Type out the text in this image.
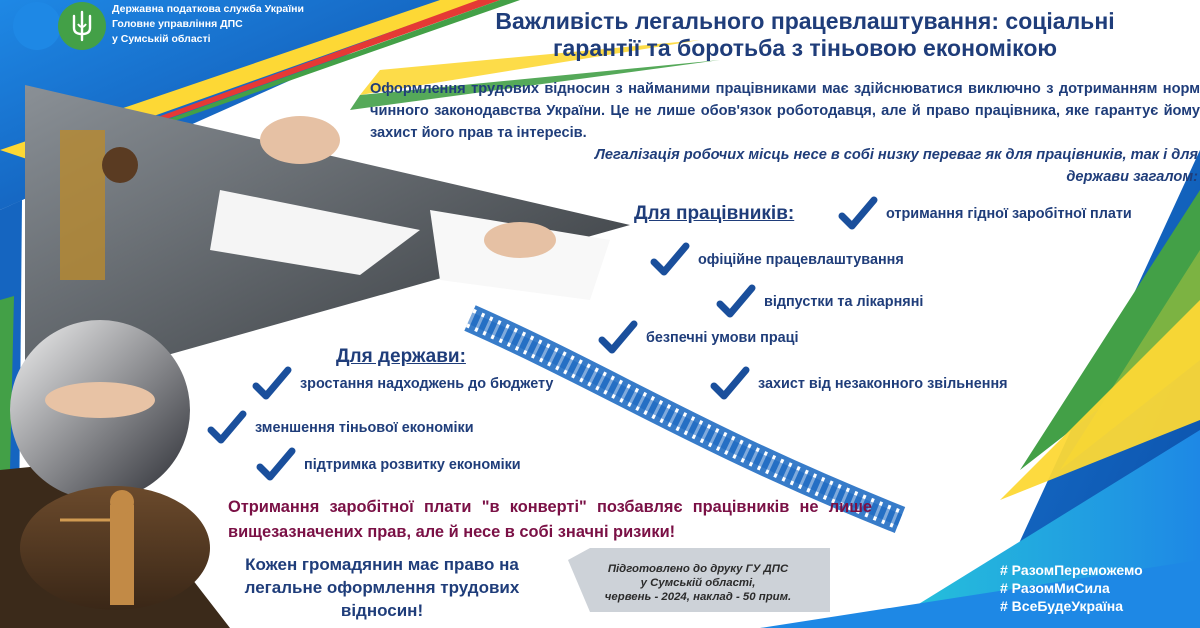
Державна податкова служба України
Головне управління ДПС
у Сумській області
Важливість легального працевлаштування: соціальні
гарантії та боротьба з тіньовою економікою
Оформлення трудових відносин з найманими працівниками має здійснюватися виключно з дотриманням норм чинного законодавства України. Це не лише обов'язок роботодавця, але й право працівника, яке гарантує йому захист його прав та інтересів.
Легалізація робочих місць несе в собі низку переваг як для працівників, так і для держави загалом:
Для працівників:	отримання гідної заробітної плати
офіційне працевлаштування
відпустки та лікарняні
безпечні умови праці
захист від незаконного звільнення
Для держави:
зростання надходжень до бюджету
зменшення тіньової економіки
підтримка розвитку економіки
Отримання заробітної плати "в конверті" позбавляє працівників не лише вищезазначених прав, але й несе в собі значні ризики!
Кожен громадянин має право на легальне оформлення трудових відносин!
Підготовлено до друку ГУ ДПС
у Сумській області,
червень - 2024, наклад - 50 прим.
# РазомПереможемо
# РазомМиСила
# ВсеБудеУкраїна
